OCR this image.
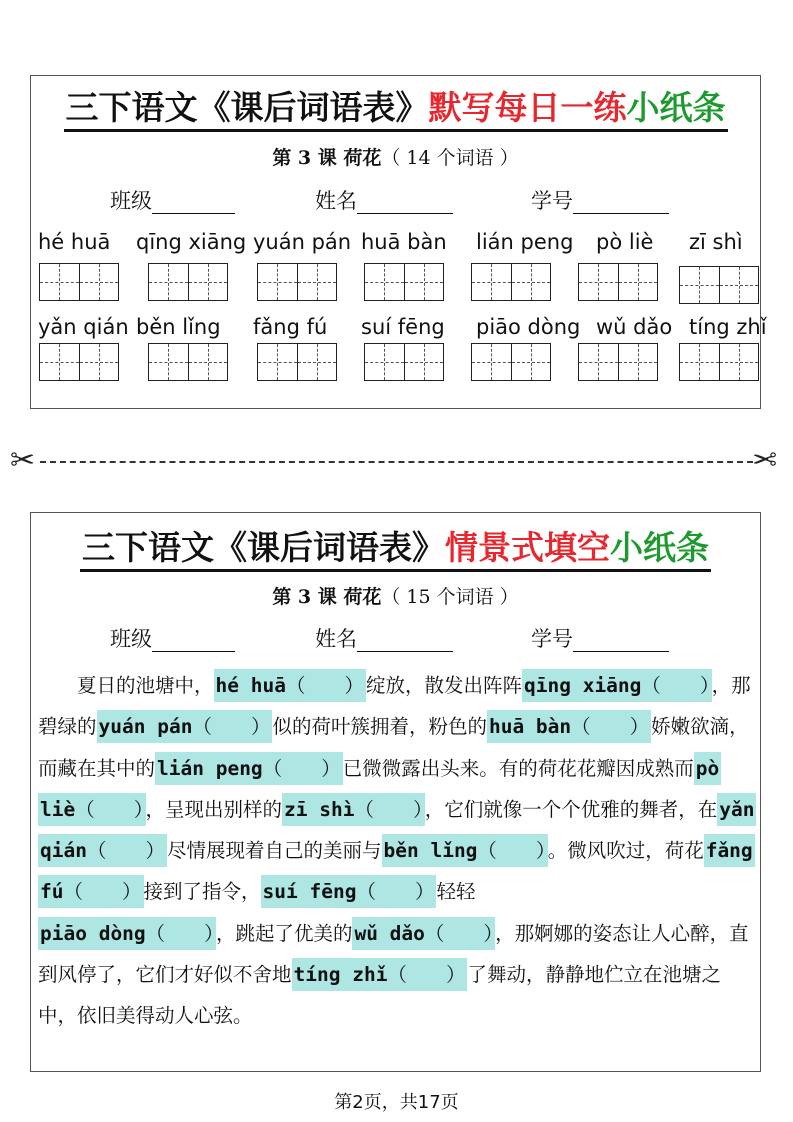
三下语文《课后词语表》默写每日一练小纸条
第 3 课 荷花（ 14 个词语 ）
班级	姓名	学号
hé huā qīng xiāng yuán pán huā bàn lián peng pò liè zī shì
yǎn qián běn lǐng fǎng fú suí fēng piāo dòng wǔ dǎo tíng zhǐ
✂	✂
三下语文《课后词语表》情景式填空小纸条
第 3 课 荷花（ 15 个词语 ）
班级	姓名	学号

夏日的池塘中， hé huā（　　） 绽放，散发出阵阵 qīng xiāng（　　） ，那碧绿的 yuán pán（　　） 似的荷叶簇拥着，粉色的 huā bàn（　　） 娇嫩欲滴，而藏在其中的 lián peng（　　） 已微微露出头来。有的荷花花瓣因成熟而 pò liè（　　） ，呈现出别样的 zī shì（　　） ，它们就像一个个优雅的舞者，在 yǎn qián（　　） 尽情展现着自己的美丽与 běn lǐng（　　） 。微风吹过，荷花 fǎng fú（　　） 接到了指令， suí fēng（　　） 轻轻
piāo dòng（　　） ，跳起了优美的 wǔ dǎo（　　） ，那婀娜的姿态让人心醉，直到风停了，它们才好似不舍地 tíng zhǐ（　　） 了舞动，静静地伫立在池塘之中，依旧美得动人心弦。

第2页，共17页
